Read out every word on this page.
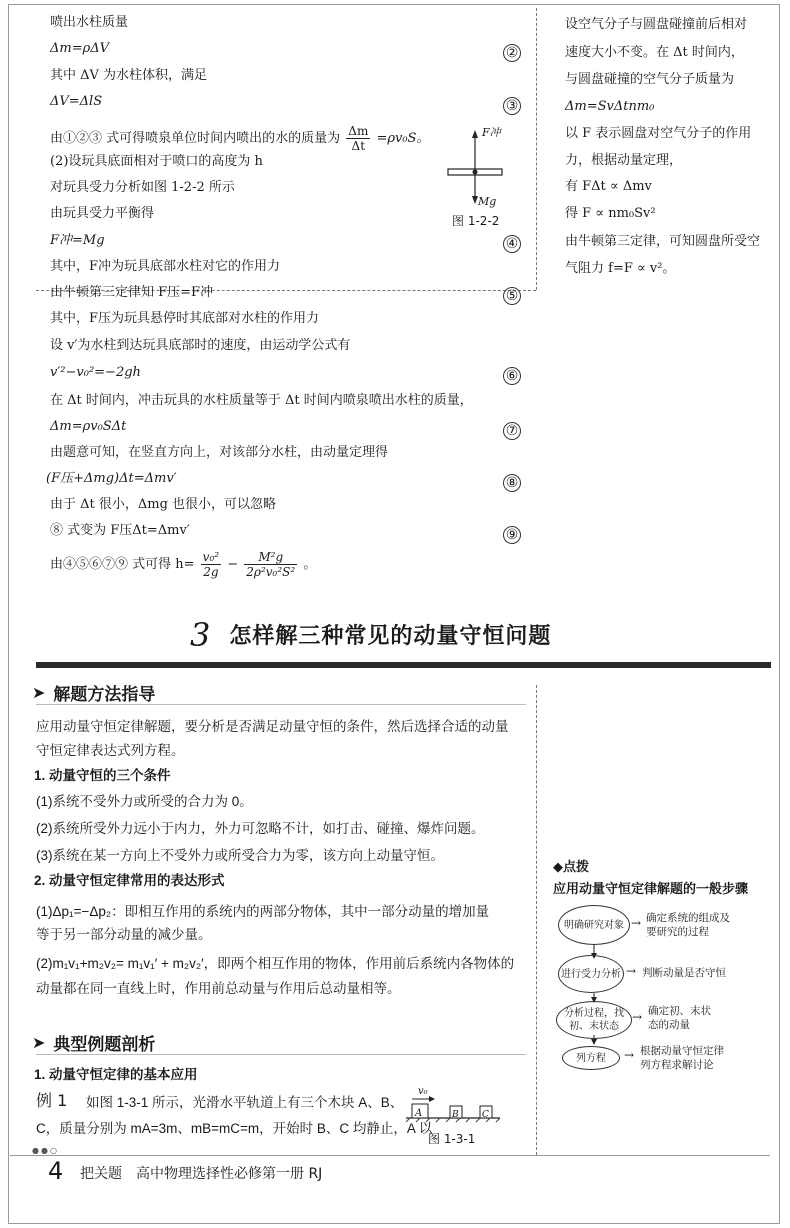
喷出水柱质量
Δm=ρΔV	②
其中 ΔV 为水柱体积，满足
ΔV=ΔlS	③
由①②③ 式可得喷泉单位时间内喷出的水的质量为 $\frac{\Delta m}{\Delta t} =\rho v_0S$。
(2)设玩具底面相对于喷口的高度为 h
对玩具受力分析如图 1-2-2 所示
由玩具受力平衡得
F冲=Mg	④
其中，F冲为玩具底部水柱对它的作用力
由牛顿第三定律知 F压=F冲	⑤
其中，F压为玩具悬停时其底部对水柱的作用力
设 v′为水柱到达玩具底部时的速度，由运动学公式有
v′²−v₀²=−2gh	⑥
在 Δt 时间内，冲击玩具的水柱质量等于 Δt 时间内喷泉喷出水柱的质量，
Δm=ρv₀SΔt	⑦
由题意可知，在竖直方向上，对该部分水柱，由动量定理得
(F压+Δmg)Δt=Δmv′	⑧
由于 Δt 很小，Δmg 也很小，可以忽略
⑧ 式变为 F压Δt=Δmv′	⑨
由④⑤⑥⑦⑨ 式可得 $h= \frac{\text{v₀²}}{2g} - \frac{\text{M²g}}{\text{2ρ²v₀²S²}}$ 。
F冲
Mg
图 1-2-2
设空气分子与圆盘碰撞前后相对
速度大小不变。在 Δt 时间内，
与圆盘碰撞的空气分子质量为
Δm=SvΔtnm₀
以 F 表示圆盘对空气分子的作用
力，根据动量定理，
有 FΔt ∝ Δmv
得 F ∝ nm₀Sv²
由牛顿第三定律，可知圆盘所受空
气阻力 f=F ∝ v²。
3 怎样解三种常见的动量守恒问题
➤ 解题方法指导
应用动量守恒定律解题，要分析是否满足动量守恒的条件，然后选择合适的动量
守恒定律表达式列方程。
1. 动量守恒的三个条件
(1)系统不受外力或所受的合力为 0。
(2)系统所受外力远小于内力，外力可忽略不计，如打击、碰撞、爆炸问题。
(3)系统在某一方向上不受外力或所受合力为零，该方向上动量守恒。
2. 动量守恒定律常用的表达形式
(1)Δp₁=−Δp₂：即相互作用的系统内的两部分物体，其中一部分动量的增加量
等于另一部分动量的减少量。
(2)m₁v₁+m₂v₂= m₁v₁′ + m₂v₂′，即两个相互作用的物体，作用前后系统内各物体的
动量都在同一直线上时，作用前总动量与作用后总动量相等。
➤ 典型例题剖析
1. 动量守恒定律的基本应用
例 1 如图 1-3-1 所示，光滑水平轨道上有三个木块 A、B、
C，质量分别为 mA=3m、mB=mC=m，开始时 B、C 均静止，A 以
v₀
A	B	C
图 1-3-1
◆点拨
应用动量守恒定律解题的一般步骤
明确研究对象 → 确定系统的组成及
要研究的过程
进行受力分析 → 判断动量是否守恒
分析过程，找初、末状态
→ 确定初、末状
态的动量
列方程	→ 根据动量守恒定律
列方程求解讨论
●●○
4 把关题　高中物理选择性必修第一册 RJ
